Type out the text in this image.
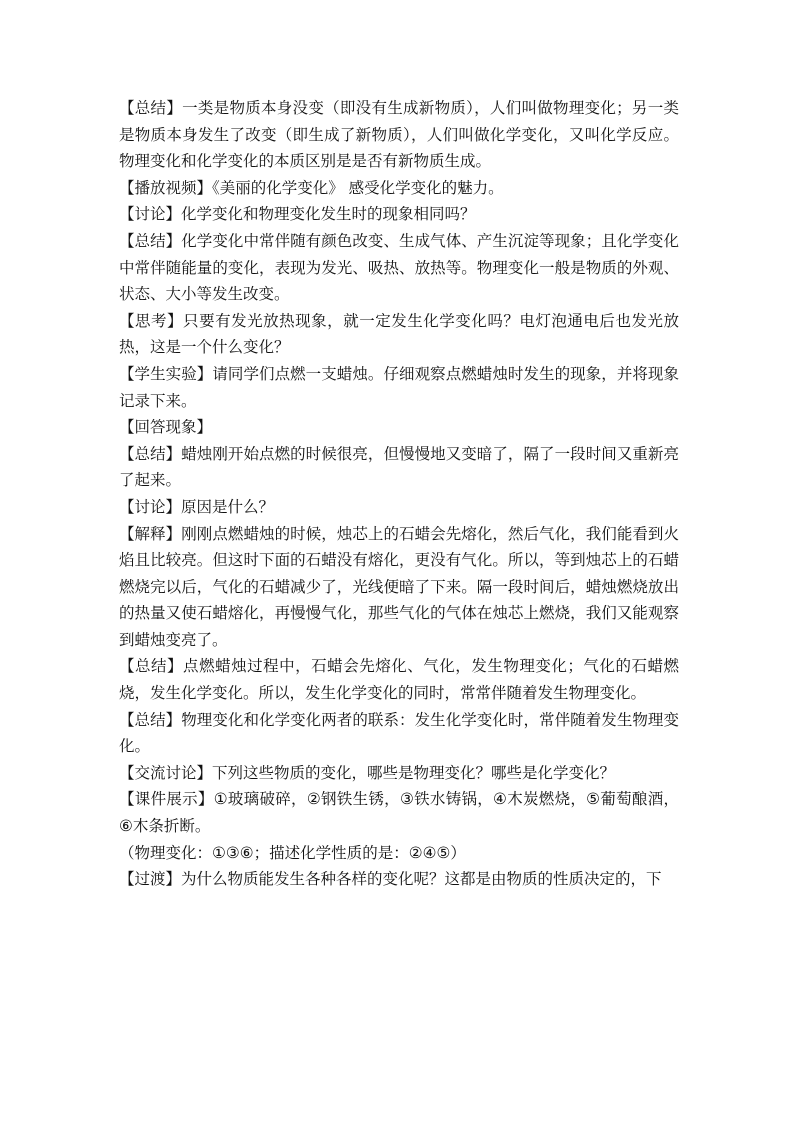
【总结】一类是物质本身没变（即没有生成新物质），人们叫做物理变化；另一类是物质本身发生了改变（即生成了新物质），人们叫做化学变化，又叫化学反应。物理变化和化学变化的本质区别是是否有新物质生成。

【播放视频】《美丽的化学变化》 感受化学变化的魅力。

【讨论】化学变化和物理变化发生时的现象相同吗？

【总结】化学变化中常伴随有颜色改变、生成气体、产生沉淀等现象；且化学变化中常伴随能量的变化，表现为发光、吸热、放热等。物理变化一般是物质的外观、状态、大小等发生改变。

【思考】只要有发光放热现象，就一定发生化学变化吗？电灯泡通电后也发光放热，这是一个什么变化？

【学生实验】请同学们点燃一支蜡烛。仔细观察点燃蜡烛时发生的现象，并将现象记录下来。

【回答现象】

【总结】蜡烛刚开始点燃的时候很亮，但慢慢地又变暗了，隔了一段时间又重新亮了起来。

【讨论】原因是什么？

【解释】刚刚点燃蜡烛的时候，烛芯上的石蜡会先熔化，然后气化，我们能看到火焰且比较亮。但这时下面的石蜡没有熔化，更没有气化。所以，等到烛芯上的石蜡燃烧完以后，气化的石蜡减少了，光线便暗了下来。隔一段时间后，蜡烛燃烧放出的热量又使石蜡熔化，再慢慢气化，那些气化的气体在烛芯上燃烧，我们又能观察到蜡烛变亮了。

【总结】点燃蜡烛过程中，石蜡会先熔化、气化，发生物理变化；气化的石蜡燃烧，发生化学变化。所以，发生化学变化的同时，常常伴随着发生物理变化。

【总结】物理变化和化学变化两者的联系：发生化学变化时，常伴随着发生物理变化。

【交流讨论】下列这些物质的变化，哪些是物理变化？哪些是化学变化？

【课件展示】①玻璃破碎，②钢铁生锈，③铁水铸锅，④木炭燃烧，⑤葡萄酿酒，⑥木条折断。

（物理变化：①③⑥；描述化学性质的是：②④⑤）

【过渡】为什么物质能发生各种各样的变化呢？这都是由物质的性质决定的，下
